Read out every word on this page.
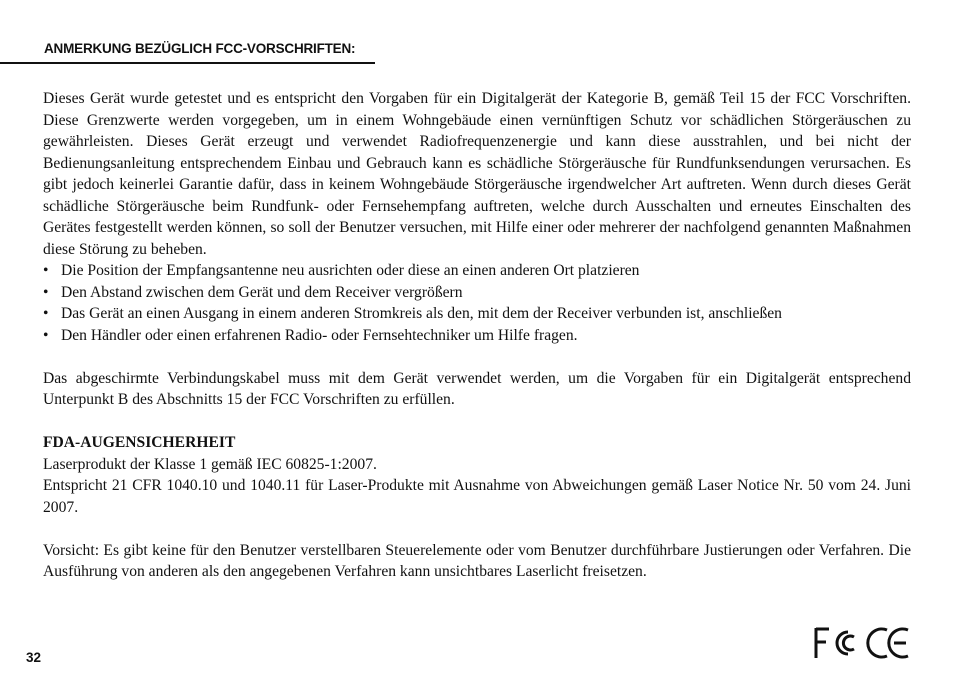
ANMERKUNG BEZÜGLICH FCC-VORSCHRIFTEN:

Dieses Gerät wurde getestet und es entspricht den Vorgaben für ein Digitalgerät der Kategorie B, gemäß Teil 15 der FCC Vorschriften. Diese Grenzwerte werden vorgegeben, um in einem Wohngebäude einen vernünftigen Schutz vor schädlichen Störgeräuschen zu gewährleisten. Dieses Gerät erzeugt und verwendet Radiofrequenzenergie und kann diese ausstrahlen, und bei nicht der Bedienungsanleitung entsprechendem Einbau und Gebrauch kann es schädliche Störgeräusche für Rundfunksendungen verursachen. Es gibt jedoch keinerlei Garantie dafür, dass in keinem Wohngebäude Störgeräusche irgendwelcher Art auftreten. Wenn durch dieses Gerät schädliche Störgeräusche beim Rundfunk- oder Fernsehempfang auftreten, welche durch Ausschalten und erneutes Einschalten des Gerätes festgestellt werden können, so soll der Benutzer versuchen, mit Hilfe einer oder mehrerer der nachfolgend genannten Maßnahmen diese Störung zu beheben.

• Die Position der Empfangsantenne neu ausrichten oder diese an einen anderen Ort platzieren
• Den Abstand zwischen dem Gerät und dem Receiver vergrößern
• Das Gerät an einen Ausgang in einem anderen Stromkreis als den, mit dem der Receiver verbunden ist, anschließen
• Den Händler oder einen erfahrenen Radio- oder Fernsehtechniker um Hilfe fragen.

Das abgeschirmte Verbindungskabel muss mit dem Gerät verwendet werden, um die Vorgaben für ein Digitalgerät entsprechend Unterpunkt B des Abschnitts 15 der FCC Vorschriften zu erfüllen.

FDA-AUGENSICHERHEIT
Laserprodukt der Klasse 1 gemäß IEC 60825-1:2007.
Entspricht 21 CFR 1040.10 und 1040.11 für Laser-Produkte mit Ausnahme von Abweichungen gemäß Laser Notice Nr. 50 vom 24. Juni 2007.

Vorsicht: Es gibt keine für den Benutzer verstellbaren Steuerelemente oder vom Benutzer durchführbare Justierungen oder Verfahren. Die Ausführung von anderen als den angegebenen Verfahren kann unsichtbares Laserlicht freisetzen.

32
